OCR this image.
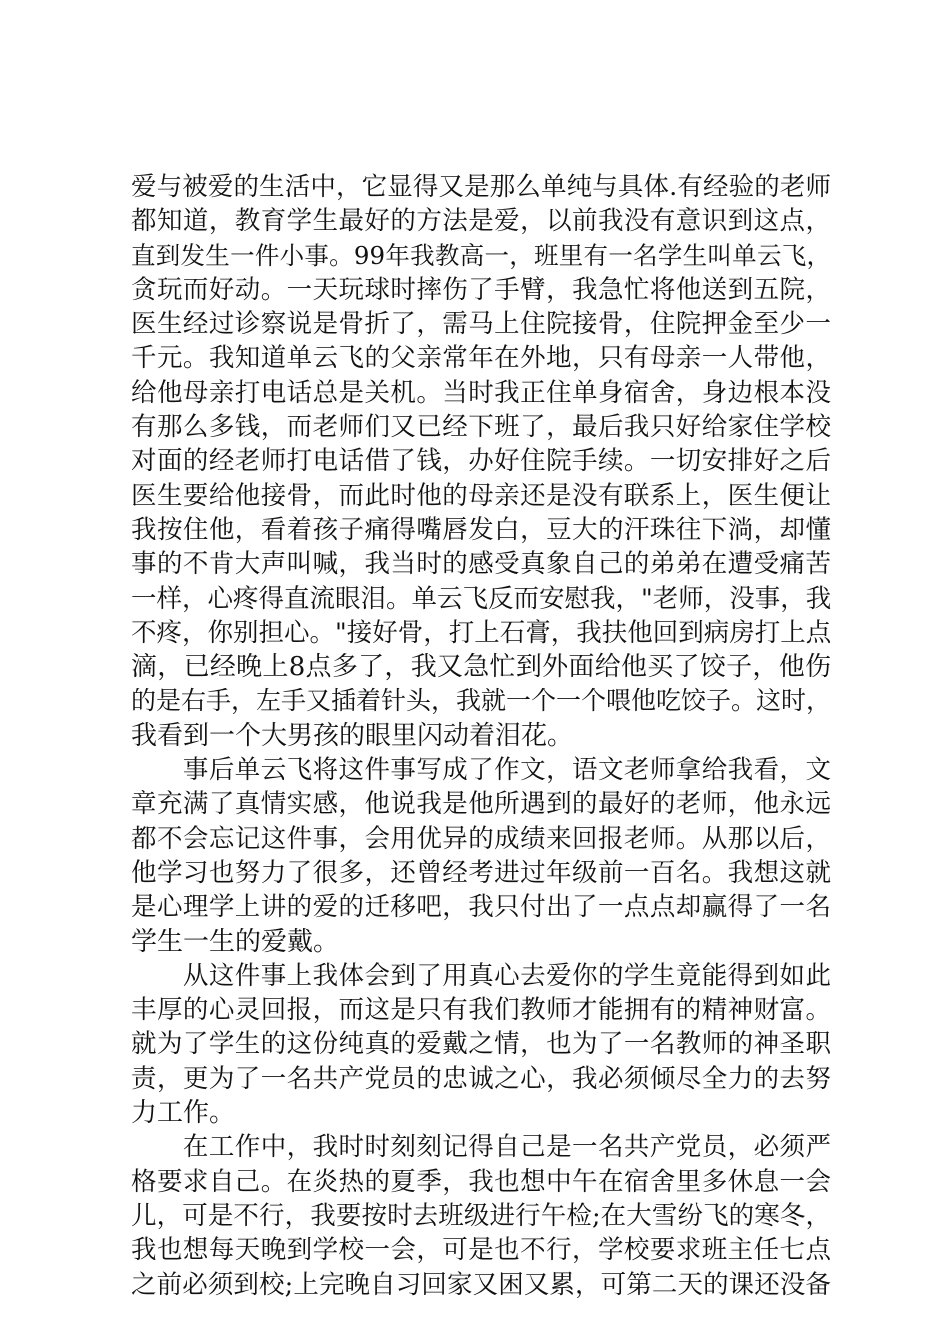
爱与被爱的生活中，它显得又是那么单纯与具体.有经验的老师
都知道，教育学生最好的方法是爱，以前我没有意识到这点，
直到发生一件小事。99年我教高一，班里有一名学生叫单云飞，
贪玩而好动。一天玩球时摔伤了手臂，我急忙将他送到五院，
医生经过诊察说是骨折了，需马上住院接骨，住院押金至少一
千元。我知道单云飞的父亲常年在外地，只有母亲一人带他，
给他母亲打电话总是关机。当时我正住单身宿舍，身边根本没
有那么多钱，而老师们又已经下班了，最后我只好给家住学校
对面的经老师打电话借了钱，办好住院手续。一切安排好之后
医生要给他接骨，而此时他的母亲还是没有联系上，医生便让
我按住他，看着孩子痛得嘴唇发白，豆大的汗珠往下淌，却懂
事的不肯大声叫喊，我当时的感受真象自己的弟弟在遭受痛苦
一样，心疼得直流眼泪。单云飞反而安慰我，"老师，没事，我
不疼，你别担心。"接好骨，打上石膏，我扶他回到病房打上点
滴，已经晚上8点多了，我又急忙到外面给他买了饺子，他伤
的是右手，左手又插着针头，我就一个一个喂他吃饺子。这时，
我看到一个大男孩的眼里闪动着泪花。
　　事后单云飞将这件事写成了作文，语文老师拿给我看，文
章充满了真情实感，他说我是他所遇到的最好的老师，他永远
都不会忘记这件事，会用优异的成绩来回报老师。从那以后，
他学习也努力了很多，还曾经考进过年级前一百名。我想这就
是心理学上讲的爱的迁移吧，我只付出了一点点却赢得了一名
学生一生的爱戴。
　　从这件事上我体会到了用真心去爱你的学生竟能得到如此
丰厚的心灵回报，而这是只有我们教师才能拥有的精神财富。
就为了学生的这份纯真的爱戴之情，也为了一名教师的神圣职
责，更为了一名共产党员的忠诚之心，我必须倾尽全力的去努
力工作。
　　在工作中，我时时刻刻记得自己是一名共产党员，必须严
格要求自己。在炎热的夏季，我也想中午在宿舍里多休息一会
儿，可是不行，我要按时去班级进行午检;在大雪纷飞的寒冬，
我也想每天晚到学校一会，可是也不行，学校要求班主任七点
之前必须到校;上完晚自习回家又困又累，可第二天的课还没备
